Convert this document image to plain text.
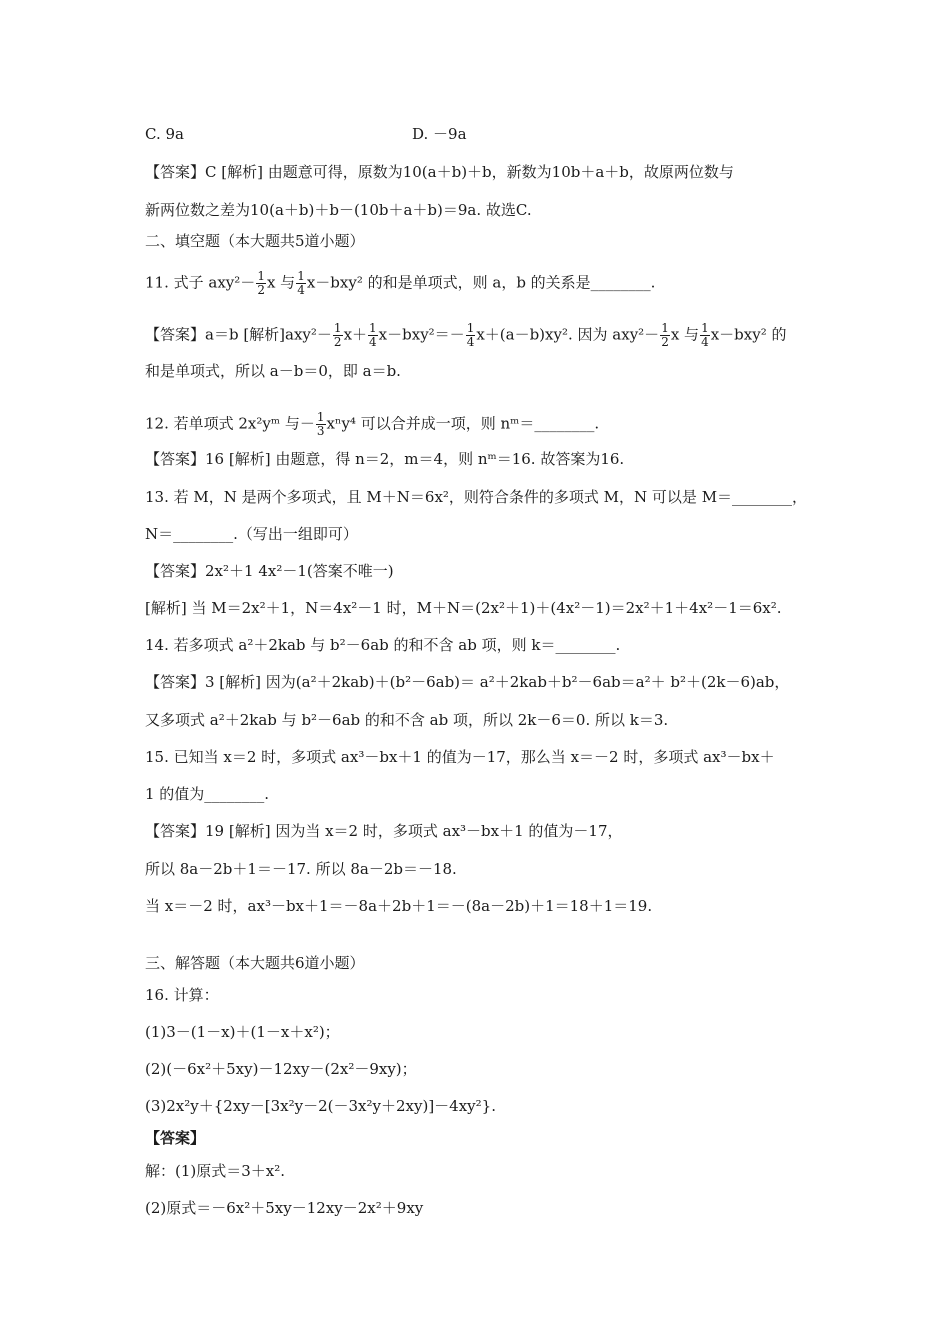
C. 9a	D. －9a
【答案】C [解析] 由题意可得，原数为10(a＋b)＋b，新数为10b＋a＋b，故原两位数与
新两位数之差为10(a＋b)＋b－(10b＋a＋b)＝9a. 故选C.
二、填空题（本大题共5道小题）
11. 式子 $axy^2- \frac{1}{2}$ x 与 $\frac{1}{4} x-bxy^2$ 的和是单项式，则 a，b 的关系是________.
【答案】a＝b [解析]$axy^2- \frac{1}{2} x+ \frac{1}{4} x-bxy^2=- \frac{1}{4} x+(a-b)xy^2$. 因为 $axy^2- \frac{1}{2}$ x 与 $\frac{1}{4} x-bxy^2$ 的
和是单项式，所以 a－b＝0，即 a＝b.
12. 若单项式 2x²yᵐ 与－ $\frac{1}{3} x^ny^4$ 可以合并成一项，则 nᵐ＝________.
【答案】16 [解析] 由题意，得 n＝2，m＝4，则 nᵐ＝16. 故答案为16.
13. 若 M，N 是两个多项式，且 M＋N＝6x²，则符合条件的多项式 M，N 可以是 M＝________，
N＝________.（写出一组即可）
【答案】2x²＋1 4x²－1(答案不唯一)
[解析] 当 M＝2x²＋1，N＝4x²－1 时，M＋N＝(2x²＋1)＋(4x²－1)＝2x²＋1＋4x²－1＝6x².
14. 若多项式 a²＋2kab 与 b²－6ab 的和不含 ab 项，则 k＝________.
【答案】3 [解析] 因为(a²＋2kab)＋(b²－6ab)＝ a²＋2kab＋b²－6ab＝a²＋ b²＋(2k－6)ab，
又多项式 a²＋2kab 与 b²－6ab 的和不含 ab 项，所以 2k－6＝0. 所以 k＝3.
15. 已知当 x＝2 时，多项式 ax³－bx＋1 的值为－17，那么当 x＝－2 时，多项式 ax³－bx＋
1 的值为________.
【答案】19 [解析] 因为当 x＝2 时，多项式 ax³－bx＋1 的值为－17，
所以 8a－2b＋1＝－17. 所以 8a－2b＝－18.
当 x＝－2 时，ax³－bx＋1＝－8a＋2b＋1＝－(8a－2b)＋1＝18＋1＝19.
三、解答题（本大题共6道小题）
16. 计算：
(1)3－(1－x)＋(1－x＋x²)；
(2)(－6x²＋5xy)－12xy－(2x²－9xy)；
(3)2x²y＋{2xy－[3x²y－2(－3x²y＋2xy)]－4xy²}.
【答案】
解：(1)原式＝3＋x².
(2)原式＝－6x²＋5xy－12xy－2x²＋9xy
